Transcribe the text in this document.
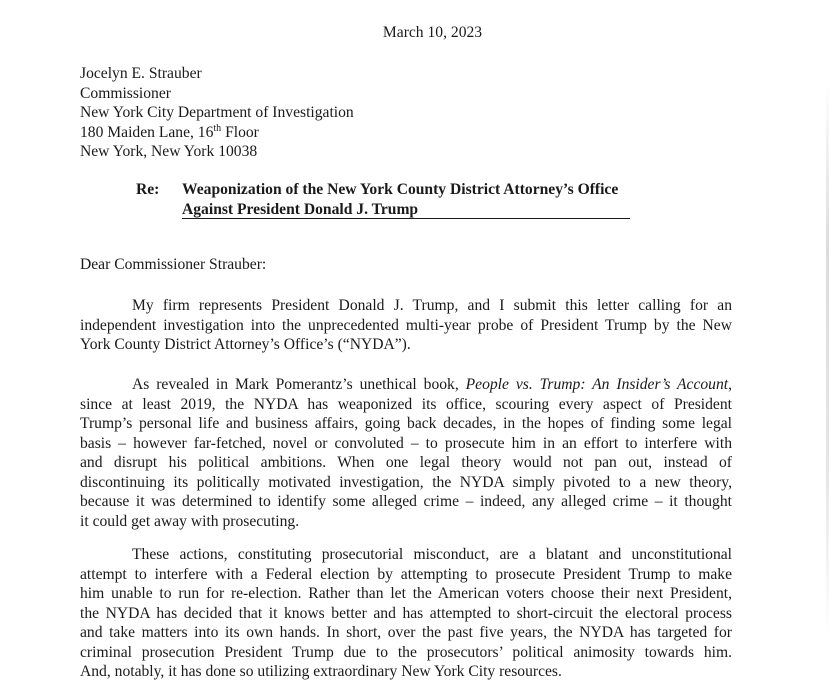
March 10, 2023
Jocelyn E. Strauber
Commissioner
New York City Department of Investigation
180 Maiden Lane, 16th Floor
New York, New York 10038
Re: Weaponization of the New York County District Attorney’s Office
Against President Donald J. Trump
Dear Commissioner Strauber:
My firm represents President Donald J. Trump, and I submit this letter calling for an
independent investigation into the unprecedented multi-year probe of President Trump by the New
York County District Attorney’s Office’s (“NYDA”).
As revealed in Mark Pomerantz’s unethical book, People vs. Trump: An Insider’s Account,
since at least 2019, the NYDA has weaponized its office, scouring every aspect of President
Trump’s personal life and business affairs, going back decades, in the hopes of finding some legal
basis – however far-fetched, novel or convoluted – to prosecute him in an effort to interfere with
and disrupt his political ambitions. When one legal theory would not pan out, instead of
discontinuing its politically motivated investigation, the NYDA simply pivoted to a new theory,
because it was determined to identify some alleged crime – indeed, any alleged crime – it thought
it could get away with prosecuting.
These actions, constituting prosecutorial misconduct, are a blatant and unconstitutional
attempt to interfere with a Federal election by attempting to prosecute President Trump to make
him unable to run for re-election. Rather than let the American voters choose their next President,
the NYDA has decided that it knows better and has attempted to short-circuit the electoral process
and take matters into its own hands. In short, over the past five years, the NYDA has targeted for
criminal prosecution President Trump due to the prosecutors’ political animosity towards him.
And, notably, it has done so utilizing extraordinary New York City resources.
